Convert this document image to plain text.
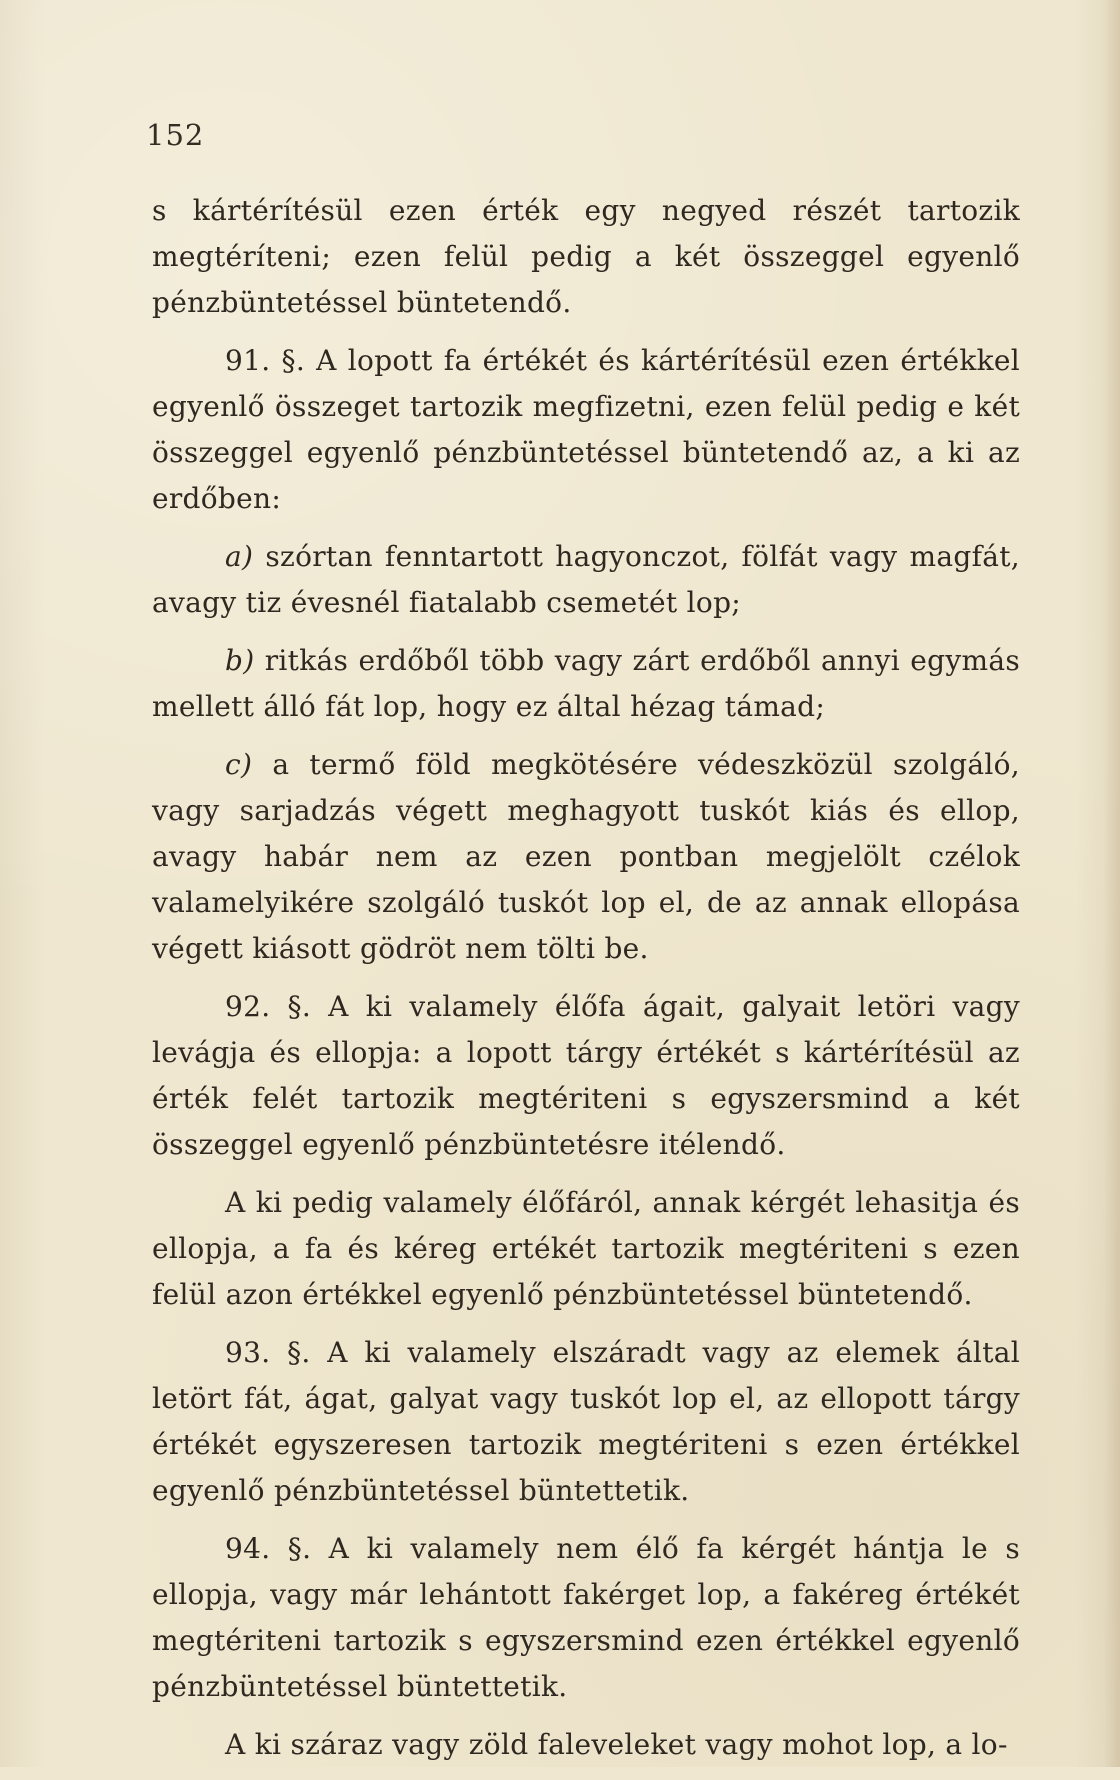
152

s kártérítésül ezen érték egy negyed részét tartozik megtéríteni; ezen felül pedig a két összeggel egyenlő pénzbüntetéssel büntetendő.

91. §. A lopott fa értékét és kártérítésül ezen értékkel egyenlő összeget tartozik megfizetni, ezen felül pedig e két összeggel egyenlő pénzbüntetéssel büntetendő az, a ki az erdőben:

a) szórtan fenntartott hagyonczot, fölfát vagy magfát, avagy tiz évesnél fiatalabb csemetét lop;

b) ritkás erdőből több vagy zárt erdőből annyi egymás mellett álló fát lop, hogy ez által hézag támad;

c) a termő föld megkötésére védeszközül szolgáló, vagy sarjadzás végett meghagyott tuskót kiás és ellop, avagy habár nem az ezen pontban megjelölt czélok valamelyikére szolgáló tuskót lop el, de az annak ellopása végett kiásott gödröt nem tölti be.

92. §. A ki valamely élőfa ágait, galyait letöri vagy levágja és ellopja: a lopott tárgy értékét s kártérítésül az érték felét tartozik megtériteni s egyszersmind a két összeggel egyenlő pénzbüntetésre itélendő.

A ki pedig valamely élőfáról, annak kérgét lehasitja és ellopja, a fa és kéreg ertékét tartozik megtériteni s ezen felül azon értékkel egyenlő pénzbüntetéssel büntetendő.

93. §. A ki valamely elszáradt vagy az elemek által letört fát, ágat, galyat vagy tuskót lop el, az ellopott tárgy értékét egyszeresen tartozik megtériteni s ezen értékkel egyenlő pénzbüntetéssel büntettetik.

94. §. A ki valamely nem élő fa kérgét hántja le s ellopja, vagy már lehántott fakérget lop, a fakéreg értékét megtériteni tartozik s egyszersmind ezen értékkel egyenlő pénzbüntetéssel büntettetik.

A ki száraz vagy zöld faleveleket vagy mohot lop, a lo-
